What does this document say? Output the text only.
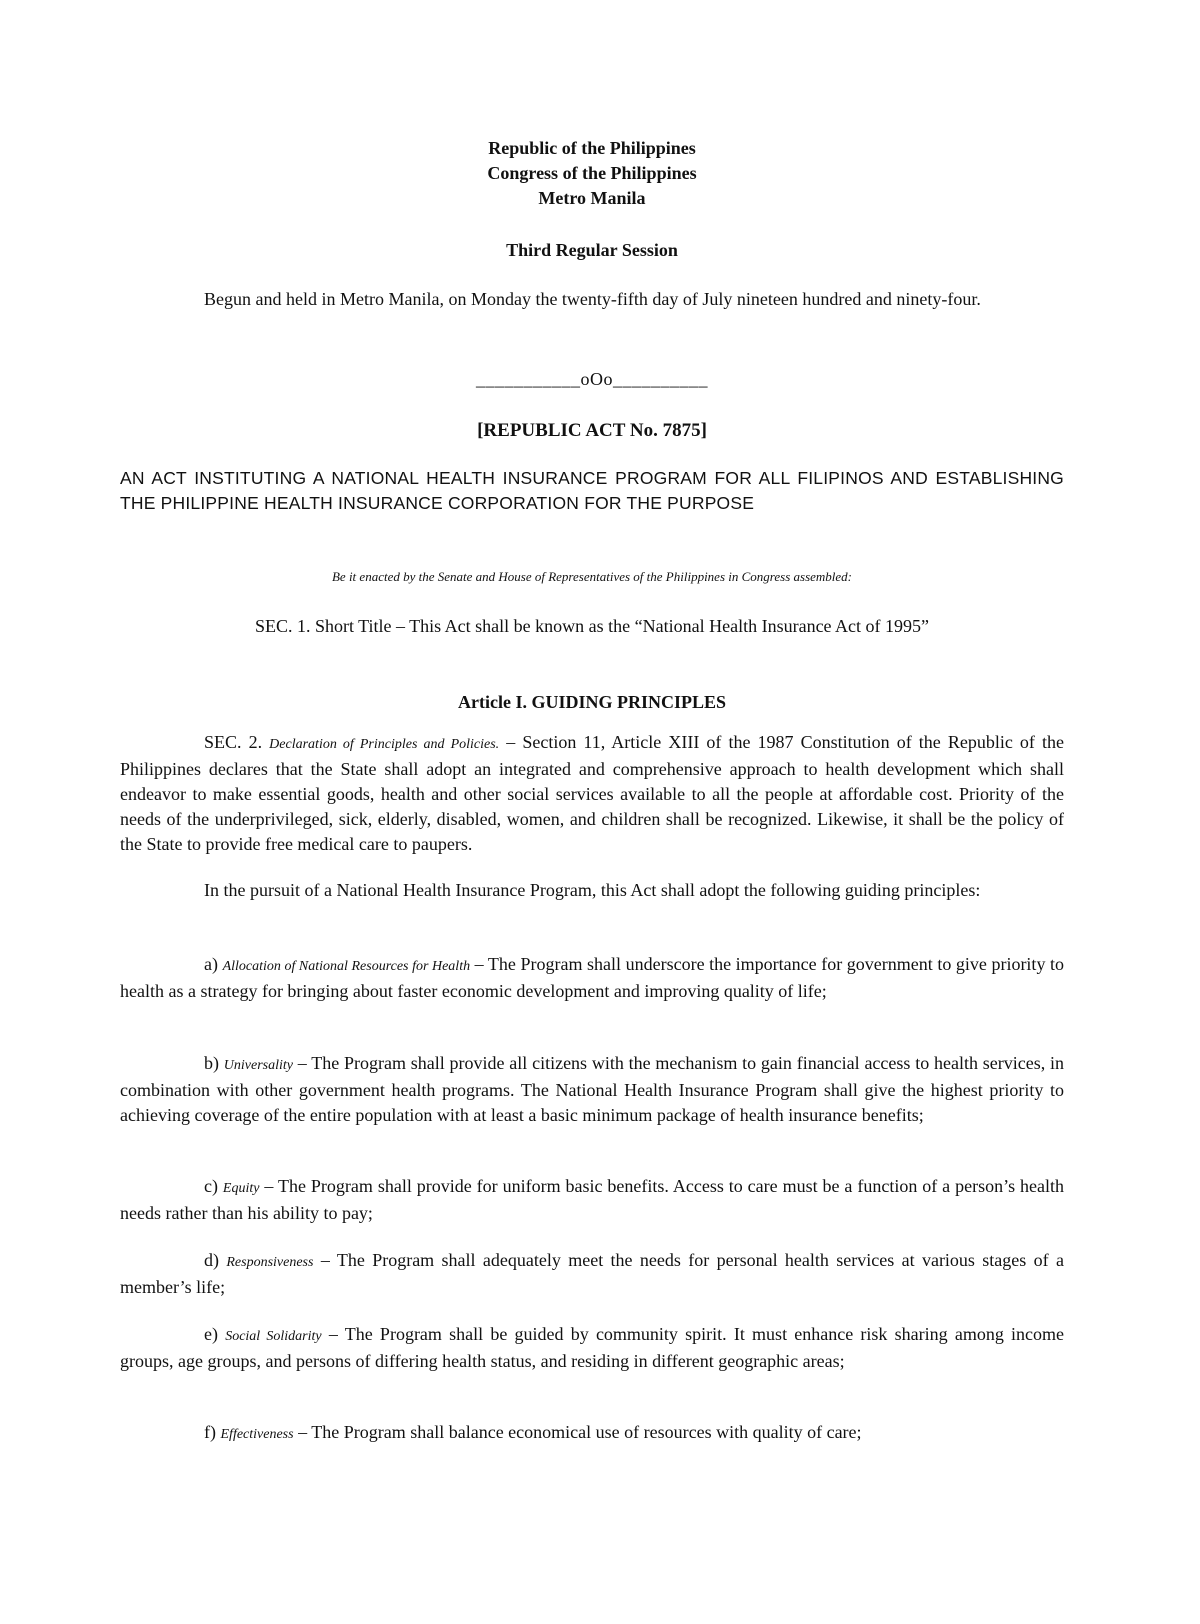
Republic of the Philippines
Congress of the Philippines
Metro Manila
Third Regular Session
Begun and held in Metro Manila, on Monday the twenty-fifth day of July nineteen hundred and ninety-four.
___________oOo__________
[REPUBLIC ACT No. 7875]
AN ACT INSTITUTING A NATIONAL HEALTH INSURANCE PROGRAM FOR ALL FILIPINOS AND ESTABLISHING THE PHILIPPINE HEALTH INSURANCE CORPORATION FOR THE PURPOSE
Be it enacted by the Senate and House of Representatives of the Philippines in Congress assembled:
SEC. 1. Short Title – This Act shall be known as the “National Health Insurance Act of 1995”
Article I. GUIDING PRINCIPLES
SEC. 2. Declaration of Principles and Policies. – Section 11, Article XIII of the 1987 Constitution of the Republic of the Philippines declares that the State shall adopt an integrated and comprehensive approach to health development which shall endeavor to make essential goods, health and other social services available to all the people at affordable cost. Priority of the needs of the underprivileged, sick, elderly, disabled, women, and children shall be recognized. Likewise, it shall be the policy of the State to provide free medical care to paupers.
In the pursuit of a National Health Insurance Program, this Act shall adopt the following guiding principles:
a) Allocation of National Resources for Health – The Program shall underscore the importance for government to give priority to health as a strategy for bringing about faster economic development and improving quality of life;
b) Universality – The Program shall provide all citizens with the mechanism to gain financial access to health services, in combination with other government health programs. The National Health Insurance Program shall give the highest priority to achieving coverage of the entire population with at least a basic minimum package of health insurance benefits;
c) Equity – The Program shall provide for uniform basic benefits. Access to care must be a function of a person’s health needs rather than his ability to pay;
d) Responsiveness – The Program shall adequately meet the needs for personal health services at various stages of a member’s life;
e) Social Solidarity – The Program shall be guided by community spirit. It must enhance risk sharing among income groups, age groups, and persons of differing health status, and residing in different geographic areas;
f) Effectiveness – The Program shall balance economical use of resources with quality of care;
